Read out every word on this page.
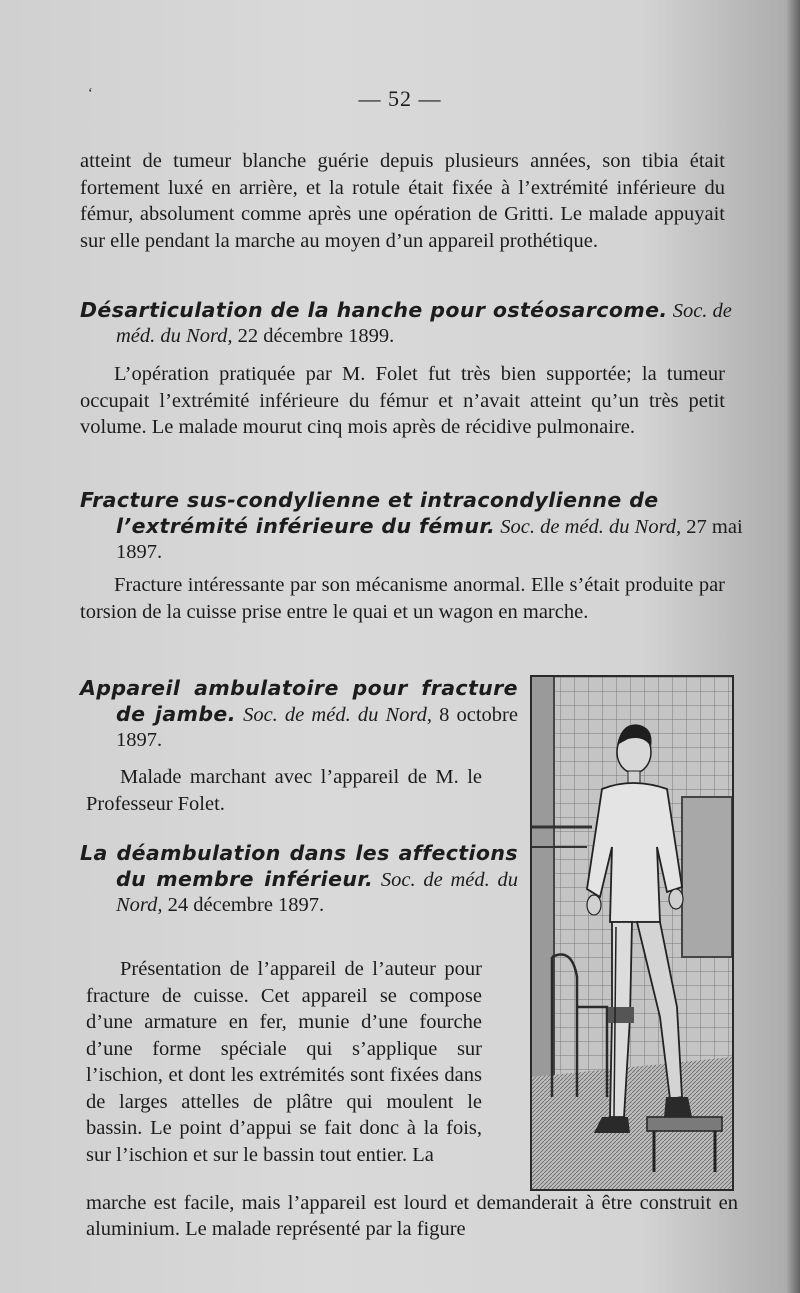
‘	— 52 —

atteint de tumeur blanche guérie depuis plusieurs années, son tibia était fortement luxé en arrière, et la rotule était fixée à l’extrémité inférieure du fémur, absolument comme après une opération de Gritti. Le malade appuyait sur elle pendant la marche au moyen d’un appareil prothétique.

Désarticulation de la hanche pour ostéosarcome. Soc. de méd. du Nord, 22 décembre 1899.

L’opération pratiquée par M. Folet fut très bien supportée; la tumeur occupait l’extrémité inférieure du fémur et n’avait atteint qu’un très petit volume. Le malade mourut cinq mois après de récidive pulmonaire.

Fracture sus-condylienne et intracondylienne de l’extrémité inférieure du fémur. Soc. de méd. du Nord, 27 mai 1897.

Fracture intéressante par son mécanisme anormal. Elle s’était produite par torsion de la cuisse prise entre le quai et un wagon en marche.

Appareil ambulatoire pour fracture de jambe. Soc. de méd. du Nord, 8 octobre 1897.

Malade marchant avec l’appareil de M. le Professeur Folet.

La déambulation dans les affections du membre inférieur. Soc. de méd. du Nord, 24 décembre 1897.

Présentation de l’appareil de l’auteur pour fracture de cuisse. Cet appareil se compose d’une armature en fer, munie d’une fourche d’une forme spéciale qui s’applique sur l’ischion, et dont les extrémités sont fixées dans de larges attelles de plâtre qui moulent le bassin. Le point d’appui se fait donc à la fois, sur l’ischion et sur le bassin tout entier. La

marche est facile, mais l’appareil est lourd et demanderait à être construit en aluminium. Le malade représenté par la figure
